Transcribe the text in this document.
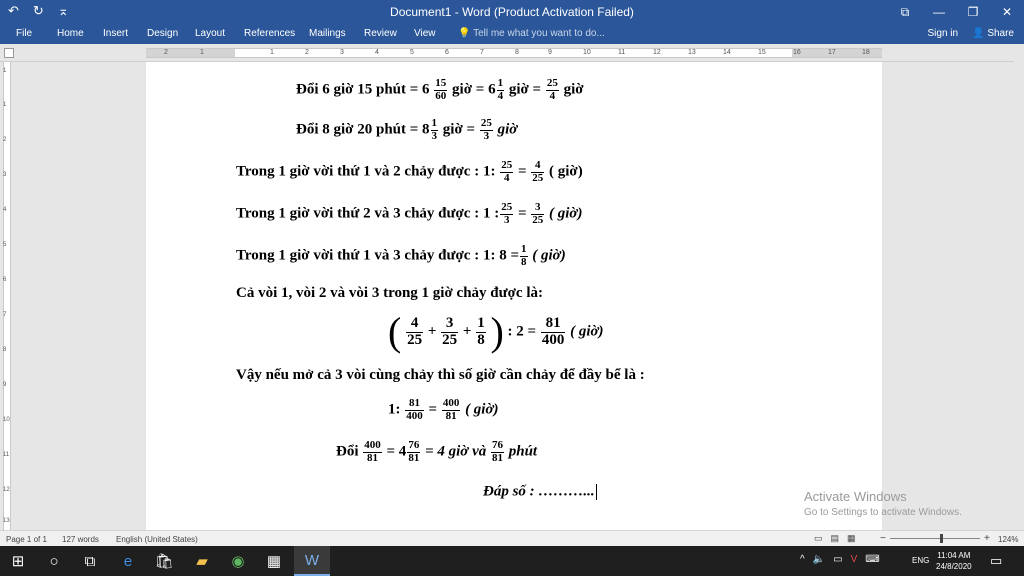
↶ ↻ ⌅	Document1 - Word (Product Activation Failed)	⧉	—	❐	✕
File Home Insert Design Layout References Mailings Review View 💡 Tell me what you want to do...	Sign in 👤 Share
2	1	1	2	3	4	5	6	7	8	9	10	11	12	13	14	15	16	17	18
1
1
2
3
4
5
6
7
8
9
10
11
12
13
Đổi 6 giờ 15 phút = $6 \frac{15}{60}$ giờ = $6 \frac{1}{4}$ giờ = $\frac{25}{4}$ giờ
Đổi 8 giờ 20 phút = $8 \frac{1}{3}$ giờ = $\frac{25}{3}$ giờ
Trong 1 giờ vời thứ 1 và 2 chảy được : 1: $\frac{25}{4} = \frac{4}{25}$ ( giờ)
Trong 1 giờ vời thứ 2 và 3 chảy được : 1 : $\frac{25}{3} = \frac{3}{25}$ ( giờ)
Trong 1 giờ vời thứ 1 và 3 chảy được : 1: $8 = \frac{1}{8}$ ( giờ)
Cả vòi 1, vòi 2 và vòi 3 trong 1 giờ chảy được là:
( $\frac{4}{25} + \frac{3}{25} + \frac{1}{8}$ ) : $2 = \frac{81}{400}$ ( giờ)
Vậy nếu mở cả 3 vòi cùng chảy thì số giờ cần chảy để đầy bể là :
1: $\frac{81}{400} = \frac{400}{81}$ ( giờ)
Đổi $\frac{400}{81} = 4 \frac{76}{81} = 4$ giờ và $\frac{76}{81}$ phút
Đáp số : ………...	Activate Windows
Go to Settings to activate Windows.
Page 1 of 1 127 words English (United States)	▭ ▤ ▦ −	+ 124%
⊞	○	⧉	e	🛍	▰	◉	▦	W	^ 🔈 ▭ V ⌨	ENG
11:04 AM
24/8/2020 ▭
